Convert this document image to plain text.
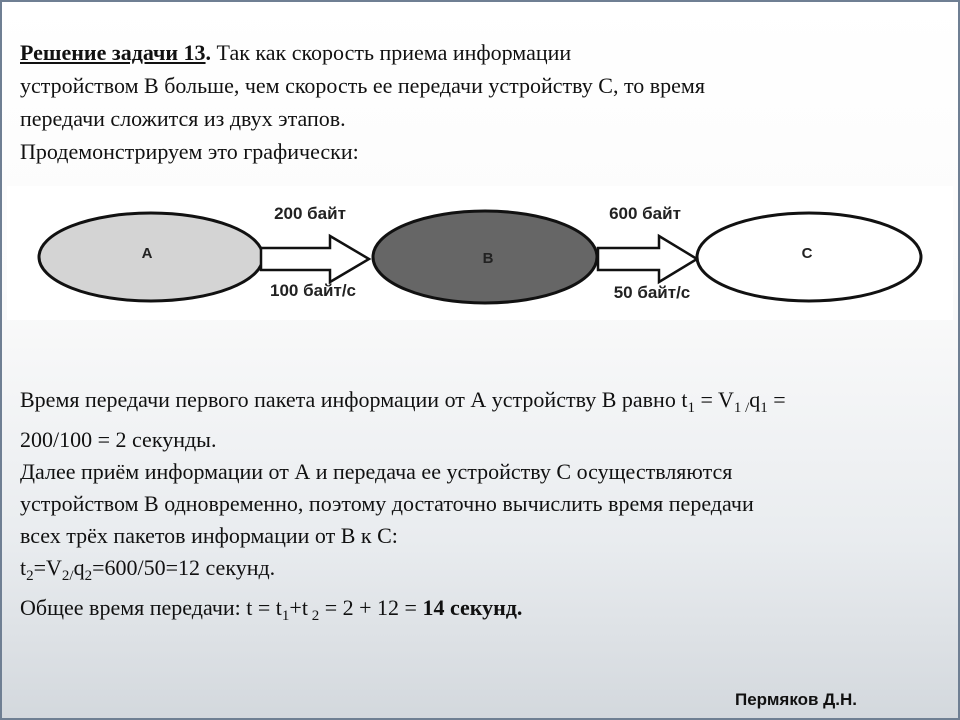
Решение задачи 13. Так как скорость приема информации
устройством B больше, чем скорость ее передачи устройству C, то время
передачи сложится из двух этапов.
Продемонстрируем это графически:
A
200 байт
100 байт/с
B
600 байт
50 байт/с
C

Время передачи первого пакета информации от А устройству В равно $t_1 = V_{1 /}q_1$ =

200/100 = 2 секунды.

Далее приём информации от А и передача ее устройству С осуществляются

устройством В одновременно, поэтому достаточно вычислить время передачи

всех трёх пакетов информации от В к С:

$t_2=V_{2/}q_2=600/50=12$ секунд.

Общее время передачи: $t = t_1+t$ $_2$ = 2 + 12 = 14 секунд.

Пермяков Д.Н.
